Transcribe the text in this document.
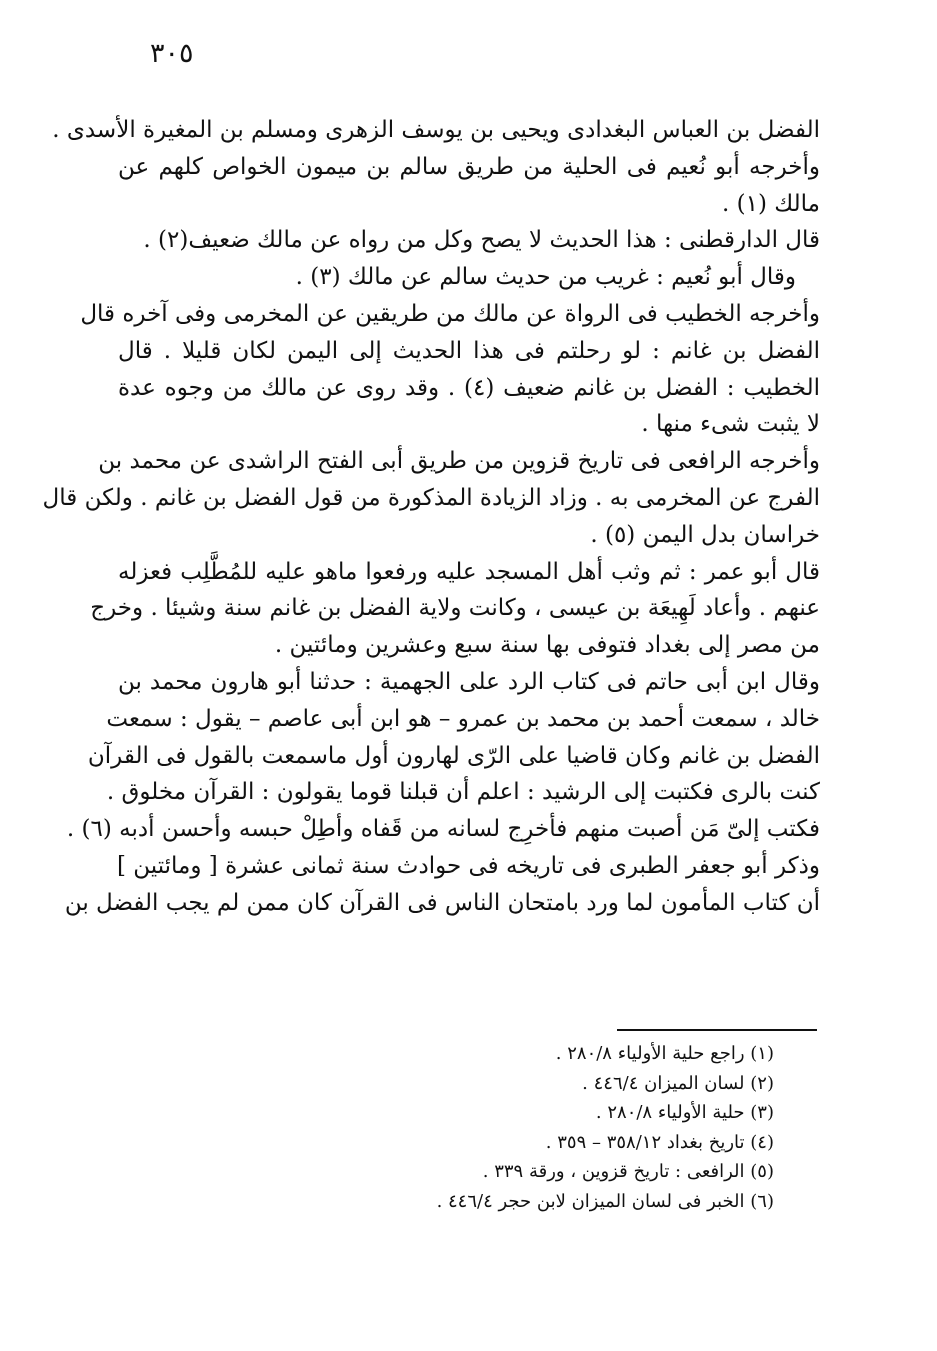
٣٠٥
الفضل بن العباس البغدادى ويحيى بن يوسف الزهرى ومسلم بن المغيرة الأسدى .
وأخرجه أبو نُعيم فى الحلية من طريق سالم بن ميمون الخواص كلهم عن
مالك (١) .
قال الدارقطنى : هذا الحديث لا يصح وكل من رواه عن مالك ضعيف(٢) .
وقال أبو نُعيم : غريب من حديث سالم عن مالك (٣) .
وأخرجه الخطيب فى الرواة عن مالك من طريقين عن المخرمى وفى آخره قال
الفضل بن غانم : لو رحلتم فى هذا الحديث إلى اليمن لكان قليلا . قال
الخطيب : الفضل بن غانم ضعيف (٤) . وقد روى عن مالك من وجوه عدة
لا يثبت شىء منها .
وأخرجه الرافعى فى تاريخ قزوين من طريق أبى الفتح الراشدى عن محمد بن
الفرج عن المخرمى به . وزاد الزيادة المذكورة من قول الفضل بن غانم . ولكن قال
خراسان بدل اليمن (٥) .
قال أبو عمر : ثم وثب أهل المسجد عليه ورفعوا ماهو عليه للمُطَّلِب فعزله
عنهم . وأعاد لَهِيعَة بن عيسى ، وكانت ولاية الفضل بن غانم سنة وشيئا . وخرج
من مصر إلى بغداد فتوفى بها سنة سبع وعشرين ومائتين .
وقال ابن أبى حاتم فى كتاب الرد على الجهمية : حدثنا أبو هارون محمد بن
خالد ، سمعت أحمد بن محمد بن عمرو – هو ابن أبى عاصم – يقول : سمعت
الفضل بن غانم وكان قاضيا على الرّى لهارون أول ماسمعت بالقول فى القرآن
كنت بالرى فكتبت إلى الرشيد : اعلم أن قبلنا قوما يقولون : القرآن مخلوق .
فكتب إلىّ مَن أصبت منهم فأخرِج لسانه من قَفاه وأطِلْ حبسه وأحسن أدبه (٦) .
وذكر أبو جعفر الطبرى فى تاريخه فى حوادث سنة ثمانى عشرة [ ومائتين ]
أن كتاب المأمون لما ورد بامتحان الناس فى القرآن كان ممن لم يجب الفضل بن
(١) راجع حلية الأولياء ٢٨٠/٨ .
(٢) لسان الميزان ٤٤٦/٤ .
(٣) حلية الأولياء ٢٨٠/٨ .
(٤) تاريخ بغداد ٣٥٨/١٢ – ٣٥٩ .
(٥) الرافعى : تاريخ قزوين ، ورقة ٣٣٩ .
(٦) الخبر فى لسان الميزان لابن حجر ٤٤٦/٤ .
